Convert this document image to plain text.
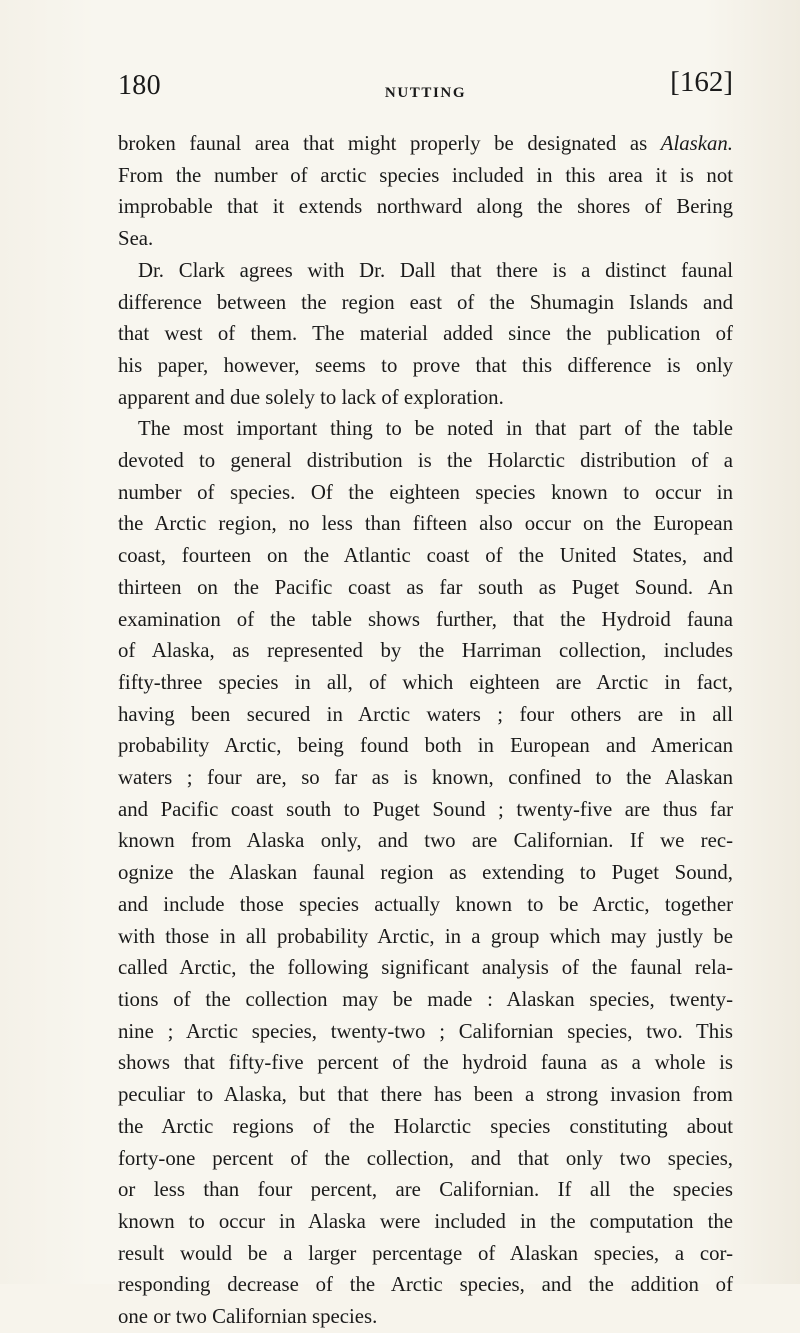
180	NUTTING	[162]
broken faunal area that might properly be designated as Alaskan.
From the number of arctic species included in this area it is not
improbable that it extends northward along the shores of Bering
Sea.
Dr. Clark agrees with Dr. Dall that there is a distinct faunal
difference between the region east of the Shumagin Islands and
that west of them. The material added since the publication of
his paper, however, seems to prove that this difference is only
apparent and due solely to lack of exploration.
The most important thing to be noted in that part of the table
devoted to general distribution is the Holarctic distribution of a
number of species. Of the eighteen species known to occur in
the Arctic region, no less than fifteen also occur on the European
coast, fourteen on the Atlantic coast of the United States, and
thirteen on the Pacific coast as far south as Puget Sound. An
examination of the table shows further, that the Hydroid fauna
of Alaska, as represented by the Harriman collection, includes
fifty-three species in all, of which eighteen are Arctic in fact,
having been secured in Arctic waters ; four others are in all
probability Arctic, being found both in European and American
waters ; four are, so far as is known, confined to the Alaskan
and Pacific coast south to Puget Sound ; twenty-five are thus far
known from Alaska only, and two are Californian. If we rec-
ognize the Alaskan faunal region as extending to Puget Sound,
and include those species actually known to be Arctic, together
with those in all probability Arctic, in a group which may justly be
called Arctic, the following significant analysis of the faunal rela-
tions of the collection may be made : Alaskan species, twenty-
nine ; Arctic species, twenty-two ; Californian species, two. This
shows that fifty-five percent of the hydroid fauna as a whole is
peculiar to Alaska, but that there has been a strong invasion from
the Arctic regions of the Holarctic species constituting about
forty-one percent of the collection, and that only two species,
or less than four percent, are Californian. If all the species
known to occur in Alaska were included in the computation the
result would be a larger percentage of Alaskan species, a cor-
responding decrease of the Arctic species, and the addition of
one or two Californian species.
